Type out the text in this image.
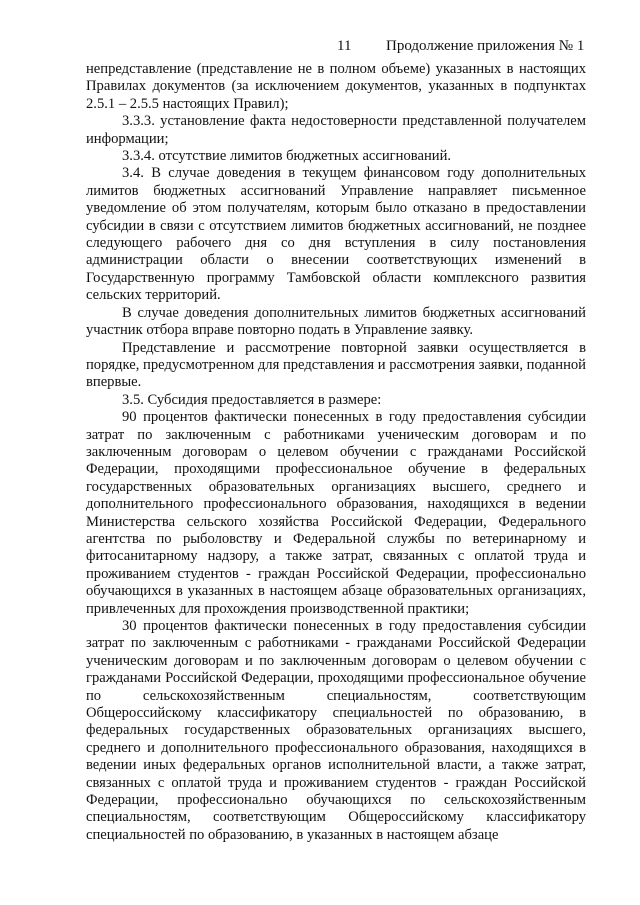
11 Продолжение приложения № 1

непредставление (представление не в полном объеме) указанных в настоящих Правилах документов (за исключением документов, указанных в подпунктах 2.5.1 – 2.5.5 настоящих Правил);

3.3.3. установление факта недостоверности представленной получателем информации;

3.3.4. отсутствие лимитов бюджетных ассигнований.

3.4. В случае доведения в текущем финансовом году дополнительных лимитов бюджетных ассигнований Управление направляет письменное уведомление об этом получателям, которым было отказано в предоставлении субсидии в связи с отсутствием лимитов бюджетных ассигнований, не позднее следующего рабочего дня со дня вступления в силу постановления администрации области о внесении соответствующих изменений в Государственную программу Тамбовской области комплексного развития сельских территорий.

В случае доведения дополнительных лимитов бюджетных ассигнований участник отбора вправе повторно подать в Управление заявку.

Представление и рассмотрение повторной заявки осуществляется в порядке, предусмотренном для представления и рассмотрения заявки, поданной впервые.

3.5. Субсидия предоставляется в размере:

90 процентов фактически понесенных в году предоставления субсидии затрат по заключенным с работниками ученическим договорам и по заключенным договорам о целевом обучении с гражданами Российской Федерации, проходящими профессиональное обучение в федеральных государственных образовательных организациях высшего, среднего и дополнительного профессионального образования, находящихся в ведении Министерства сельского хозяйства Российской Федерации, Федерального агентства по рыболовству и Федеральной службы по ветеринарному и фитосанитарному надзору, а также затрат, связанных с оплатой труда и проживанием студентов - граждан Российской Федерации, профессионально обучающихся в указанных в настоящем абзаце образовательных организациях, привлеченных для прохождения производственной практики;

30 процентов фактически понесенных в году предоставления субсидии затрат по заключенным с работниками - гражданами Российской Федерации ученическим договорам и по заключенным договорам о целевом обучении с гражданами Российской Федерации, проходящими профессиональное обучение по сельскохозяйственным специальностям, соответствующим Общероссийскому классификатору специальностей по образованию, в федеральных государственных образовательных организациях высшего, среднего и дополнительного профессионального образования, находящихся в ведении иных федеральных органов исполнительной власти, а также затрат, связанных с оплатой труда и проживанием студентов - граждан Российской Федерации, профессионально обучающихся по сельскохозяйственным специальностям, соответствующим Общероссийскому классификатору специальностей по образованию, в указанных в настоящем абзаце
